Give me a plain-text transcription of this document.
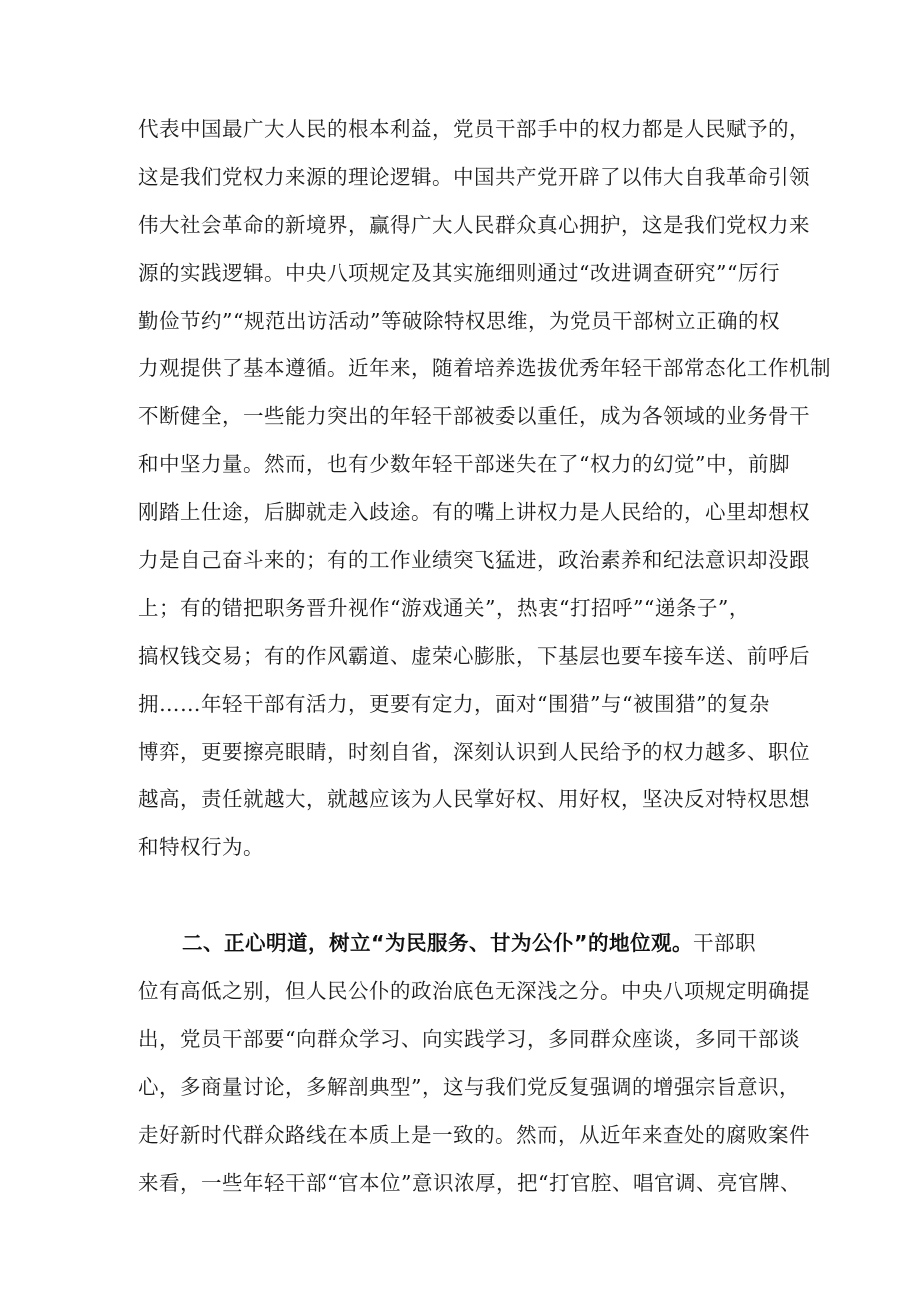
代表中国最广大人民的根本利益，党员干部手中的权力都是人民赋予的，
这是我们党权力来源的理论逻辑。中国共产党开辟了以伟大自我革命引领
伟大社会革命的新境界，赢得广大人民群众真心拥护，这是我们党权力来
源的实践逻辑。中央八项规定及其实施细则通过“改进调查研究”“厉行
勤俭节约”“规范出访活动”等破除特权思维，为党员干部树立正确的权
力观提供了基本遵循。近年来，随着培养选拔优秀年轻干部常态化工作机制
不断健全，一些能力突出的年轻干部被委以重任，成为各领域的业务骨干
和中坚力量。然而，也有少数年轻干部迷失在了“权力的幻觉”中，前脚
刚踏上仕途，后脚就走入歧途。有的嘴上讲权力是人民给的，心里却想权
力是自己奋斗来的；有的工作业绩突飞猛进，政治素养和纪法意识却没跟
上；有的错把职务晋升视作“游戏通关”，热衷“打招呼”“递条子”，
搞权钱交易；有的作风霸道、虚荣心膨胀，下基层也要车接车送、前呼后
拥……年轻干部有活力，更要有定力，面对“围猎”与“被围猎”的复杂
博弈，更要擦亮眼睛，时刻自省，深刻认识到人民给予的权力越多、职位
越高，责任就越大，就越应该为人民掌好权、用好权，坚决反对特权思想
和特权行为。
二、正心明道，树立“为民服务、甘为公仆”的地位观。干部职
位有高低之别，但人民公仆的政治底色无深浅之分。中央八项规定明确提
出，党员干部要“向群众学习、向实践学习，多同群众座谈，多同干部谈
心，多商量讨论，多解剖典型”，这与我们党反复强调的增强宗旨意识，
走好新时代群众路线在本质上是一致的。然而，从近年来查处的腐败案件
来看，一些年轻干部“官本位”意识浓厚，把“打官腔、唱官调、亮官牌、
